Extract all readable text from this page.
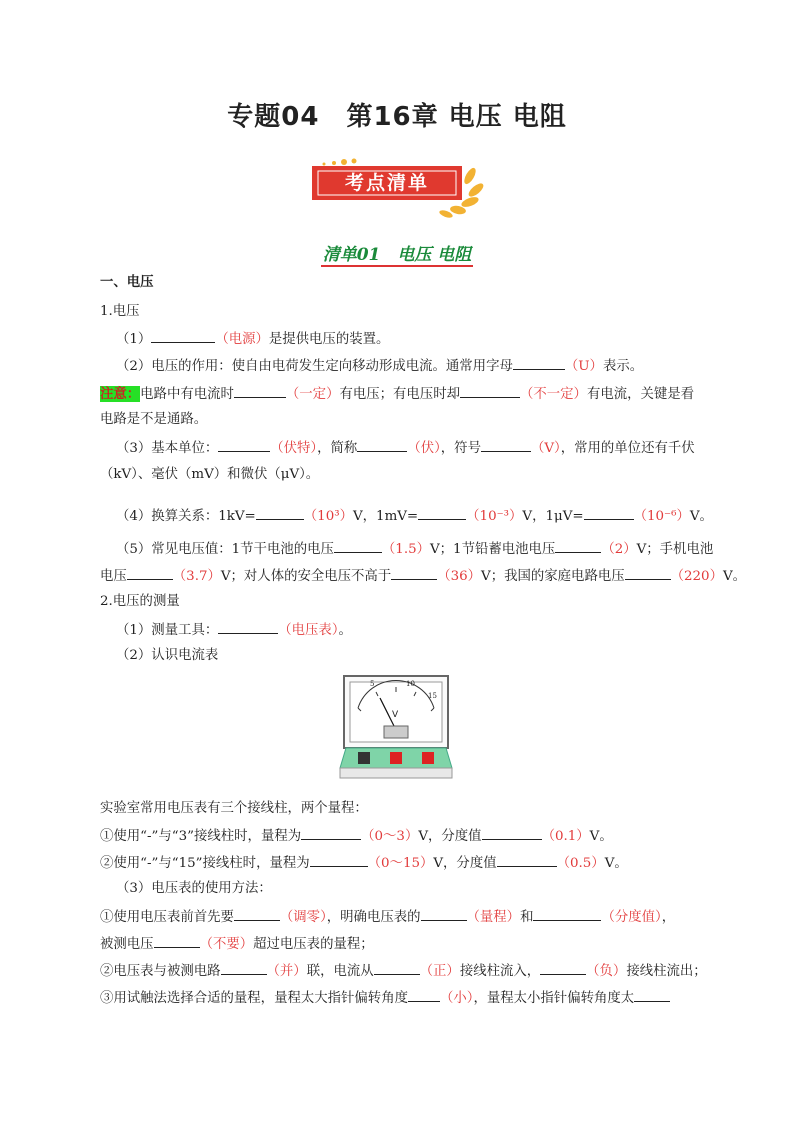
专题04　第16章 电压 电阻
考点清单
清单01　电压 电阻
一、电压
1.电压
（1）	（电源）是提供电压的装置。
（2）电压的作用：使自由电荷发生定向移动形成电流。通常用字母	（U）表示。
注意：电路中有电流时	（一定）有电压；有电压时却	（不一定）有电流，关键是看
电路是不是通路。
（3）基本单位：	（伏特），简称	（伏），符号	（V），常用的单位还有千伏
（kV）、毫伏（mV）和微伏（μV）。
（4）换算关系：1kV=	（10³）V，1mV=	（10⁻³）V，1μV=	（10⁻⁶）V。
（5）常见电压值：1节干电池的电压	（1.5）V；1节铅蓄电池电压	（2）V；手机电池
电压	（3.7）V；对人体的安全电压不高于	（36）V；我国的家庭电路电压	（220）V。
2.电压的测量
（1）测量工具：	（电压表）。
（2）认识电流表
5	10
15
V
实验室常用电压表有三个接线柱，两个量程：
①使用“-”与“3”接线柱时，量程为	（0～3）V，分度值	（0.1）V。
②使用“-”与“15”接线柱时，量程为	（0～15）V，分度值	（0.5）V。
（3）电压表的使用方法：
①使用电压表前首先要	（调零），明确电压表的	（量程）和	（分度值），
被测电压	（不要）超过电压表的量程；
②电压表与被测电路	（并）联，电流从	（正）接线柱流入，	（负）接线柱流出；
③用试触法选择合适的量程，量程太大指针偏转角度 （小），量程太小指针偏转角度太
